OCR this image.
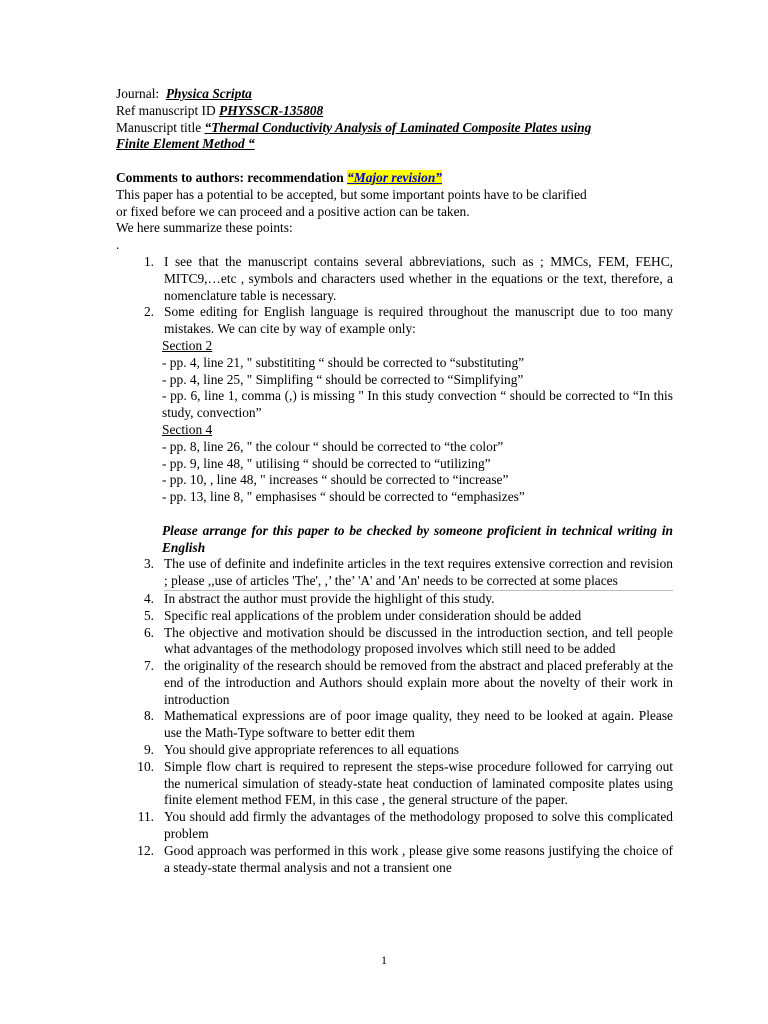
Journal: Physica Scripta
Ref manuscript ID PHYSSCR-135808
Manuscript title “Thermal Conductivity Analysis of Laminated Composite Plates using
Finite Element Method “
Comments to authors: recommendation “Major revision”
This paper has a potential to be accepted, but some important points have to be clarified
or fixed before we can proceed and a positive action can be taken.
We here summarize these points:
.
1. I see that the manuscript contains several abbreviations, such as ; MMCs, FEM, FEHC, MITC9,…etc , symbols and characters used whether in the equations or the text, therefore, a nomenclature table is necessary.
2. Some editing for English language is required throughout the manuscript due to too many mistakes. We can cite by way of example only:
Section 2
- pp. 4, line 21, " substititing “ should be corrected to “substituting”
- pp. 4, line 25, " Simplifing “ should be corrected to “Simplifying”
- pp. 6, line 1, comma (,) is missing " In this study convection “ should be corrected to “In this study, convection”
Section 4
- pp. 8, line 26, " the colour “ should be corrected to “the color”
- pp. 9, line 48, " utilising “ should be corrected to “utilizing”
- pp. 10, , line 48, " increases “ should be corrected to “increase”
- pp. 13, line 8, " emphasises “ should be corrected to “emphasizes”
Please arrange for this paper to be checked by someone proficient in technical writing in English
3. The use of definite and indefinite articles in the text requires extensive correction and revision ; please ,,use of articles 'The', ,’ the’ 'A' and 'An' needs to be corrected at some places
4. In abstract the author must provide the highlight of this study.
5. Specific real applications of the problem under consideration should be added
6. The objective and motivation should be discussed in the introduction section, and tell people what advantages of the methodology proposed involves which still need to be added
7. the originality of the research should be removed from the abstract and placed preferably at the end of the introduction and Authors should explain more about the novelty of their work in introduction
8. Mathematical expressions are of poor image quality, they need to be looked at again. Please use the Math-Type software to better edit them
9. You should give appropriate references to all equations
10. Simple flow chart is required to represent the steps-wise procedure followed for carrying out the numerical simulation of steady-state heat conduction of laminated composite plates using finite element method FEM, in this case , the general structure of the paper.
11. You should add firmly the advantages of the methodology proposed to solve this complicated problem
12. Good approach was performed in this work , please give some reasons justifying the choice of a steady-state thermal analysis and not a transient one
1
